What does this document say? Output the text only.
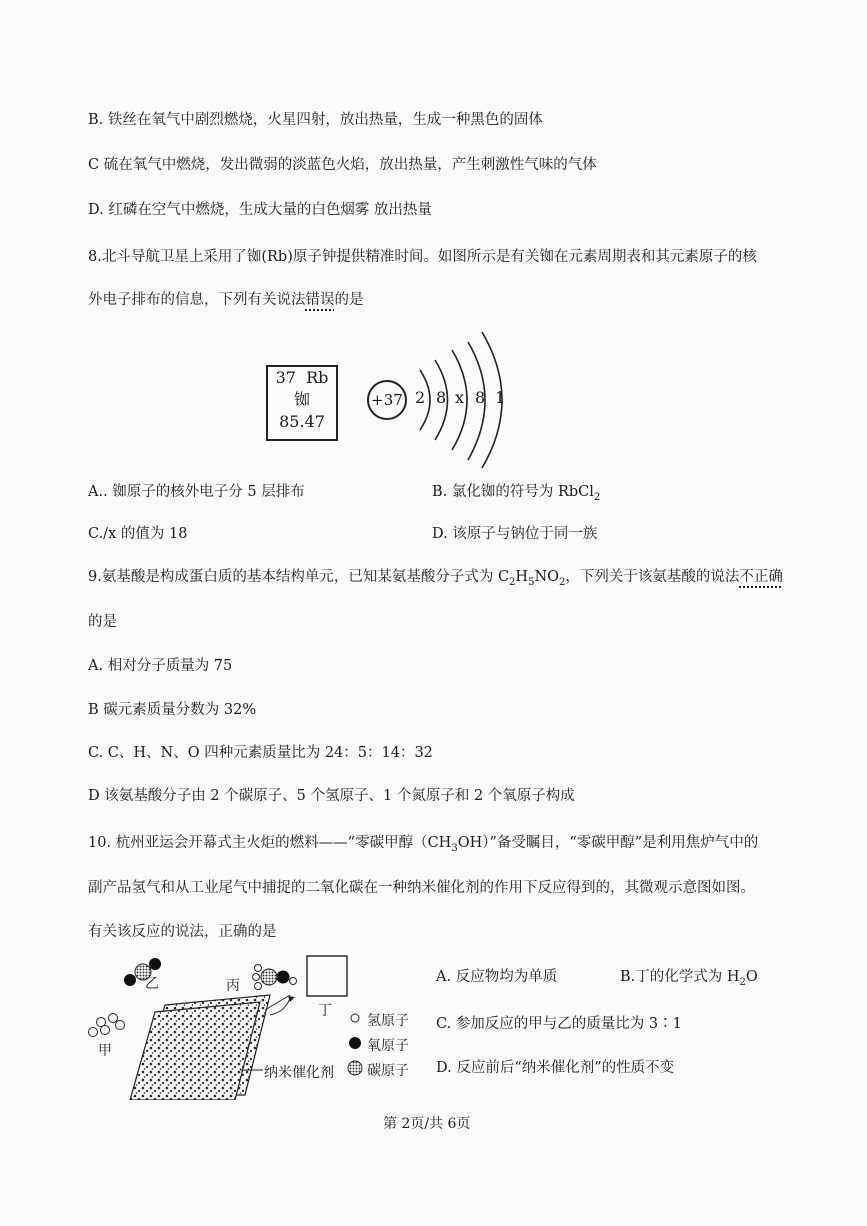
B. 铁丝在氧气中剧烈燃烧，火星四射，放出热量，生成一种黑色的固体
C 硫在氧气中燃烧，发出微弱的淡蓝色火焰，放出热量，产生刺激性气味的气体
D. 红磷在空气中燃烧，生成大量的白色烟雾 放出热量
8.北斗导航卫星上采用了铷(Rb)原子钟提供精准时间。如图所示是有关铷在元素周期表和其元素原子的核
外电子排布的信息，下列有关说法错误的是
37 Rb
铷
85.47
+37 2 8 x 8 1
A.. 铷原子的核外电子分 5 层排布	B. 氯化铷的符号为 RbCl$_2$
C./x 的值为 18	D. 该原子与钠位于同一族
9.氨基酸是构成蛋白质的基本结构单元，已知某氨基酸分子式为 $C_2H_5NO_2$，下列关于该氨基酸的说法不正确
的是
A. 相对分子质量为 75
B 碳元素质量分数为 32%
C. C、H、N、O 四种元素质量比为 24：5：14：32
D 该氨基酸分子由 2 个碳原子、5 个氢原子、1 个氮原子和 2 个氧原子构成
10. 杭州亚运会开幕式主火炬的燃料——“零碳甲醇$(CH_3OH)$”备受瞩目，“零碳甲醇”是利用焦炉气中的
副产品氢气和从工业尾气中捕捉的二氧化碳在一种纳米催化剂的作用下反应得到的，其微观示意图如图。
有关该反应的说法，正确的是
乙	丙
丁
甲
纳米催化剂
氢原子
氧原子
碳原子
A. 反应物均为单质	B.丁的化学式为 $H_2O$
C. 参加反应的甲与乙的质量比为 3∶1
D. 反应前后“纳米催化剂”的性质不变
第 2页/共 6页
